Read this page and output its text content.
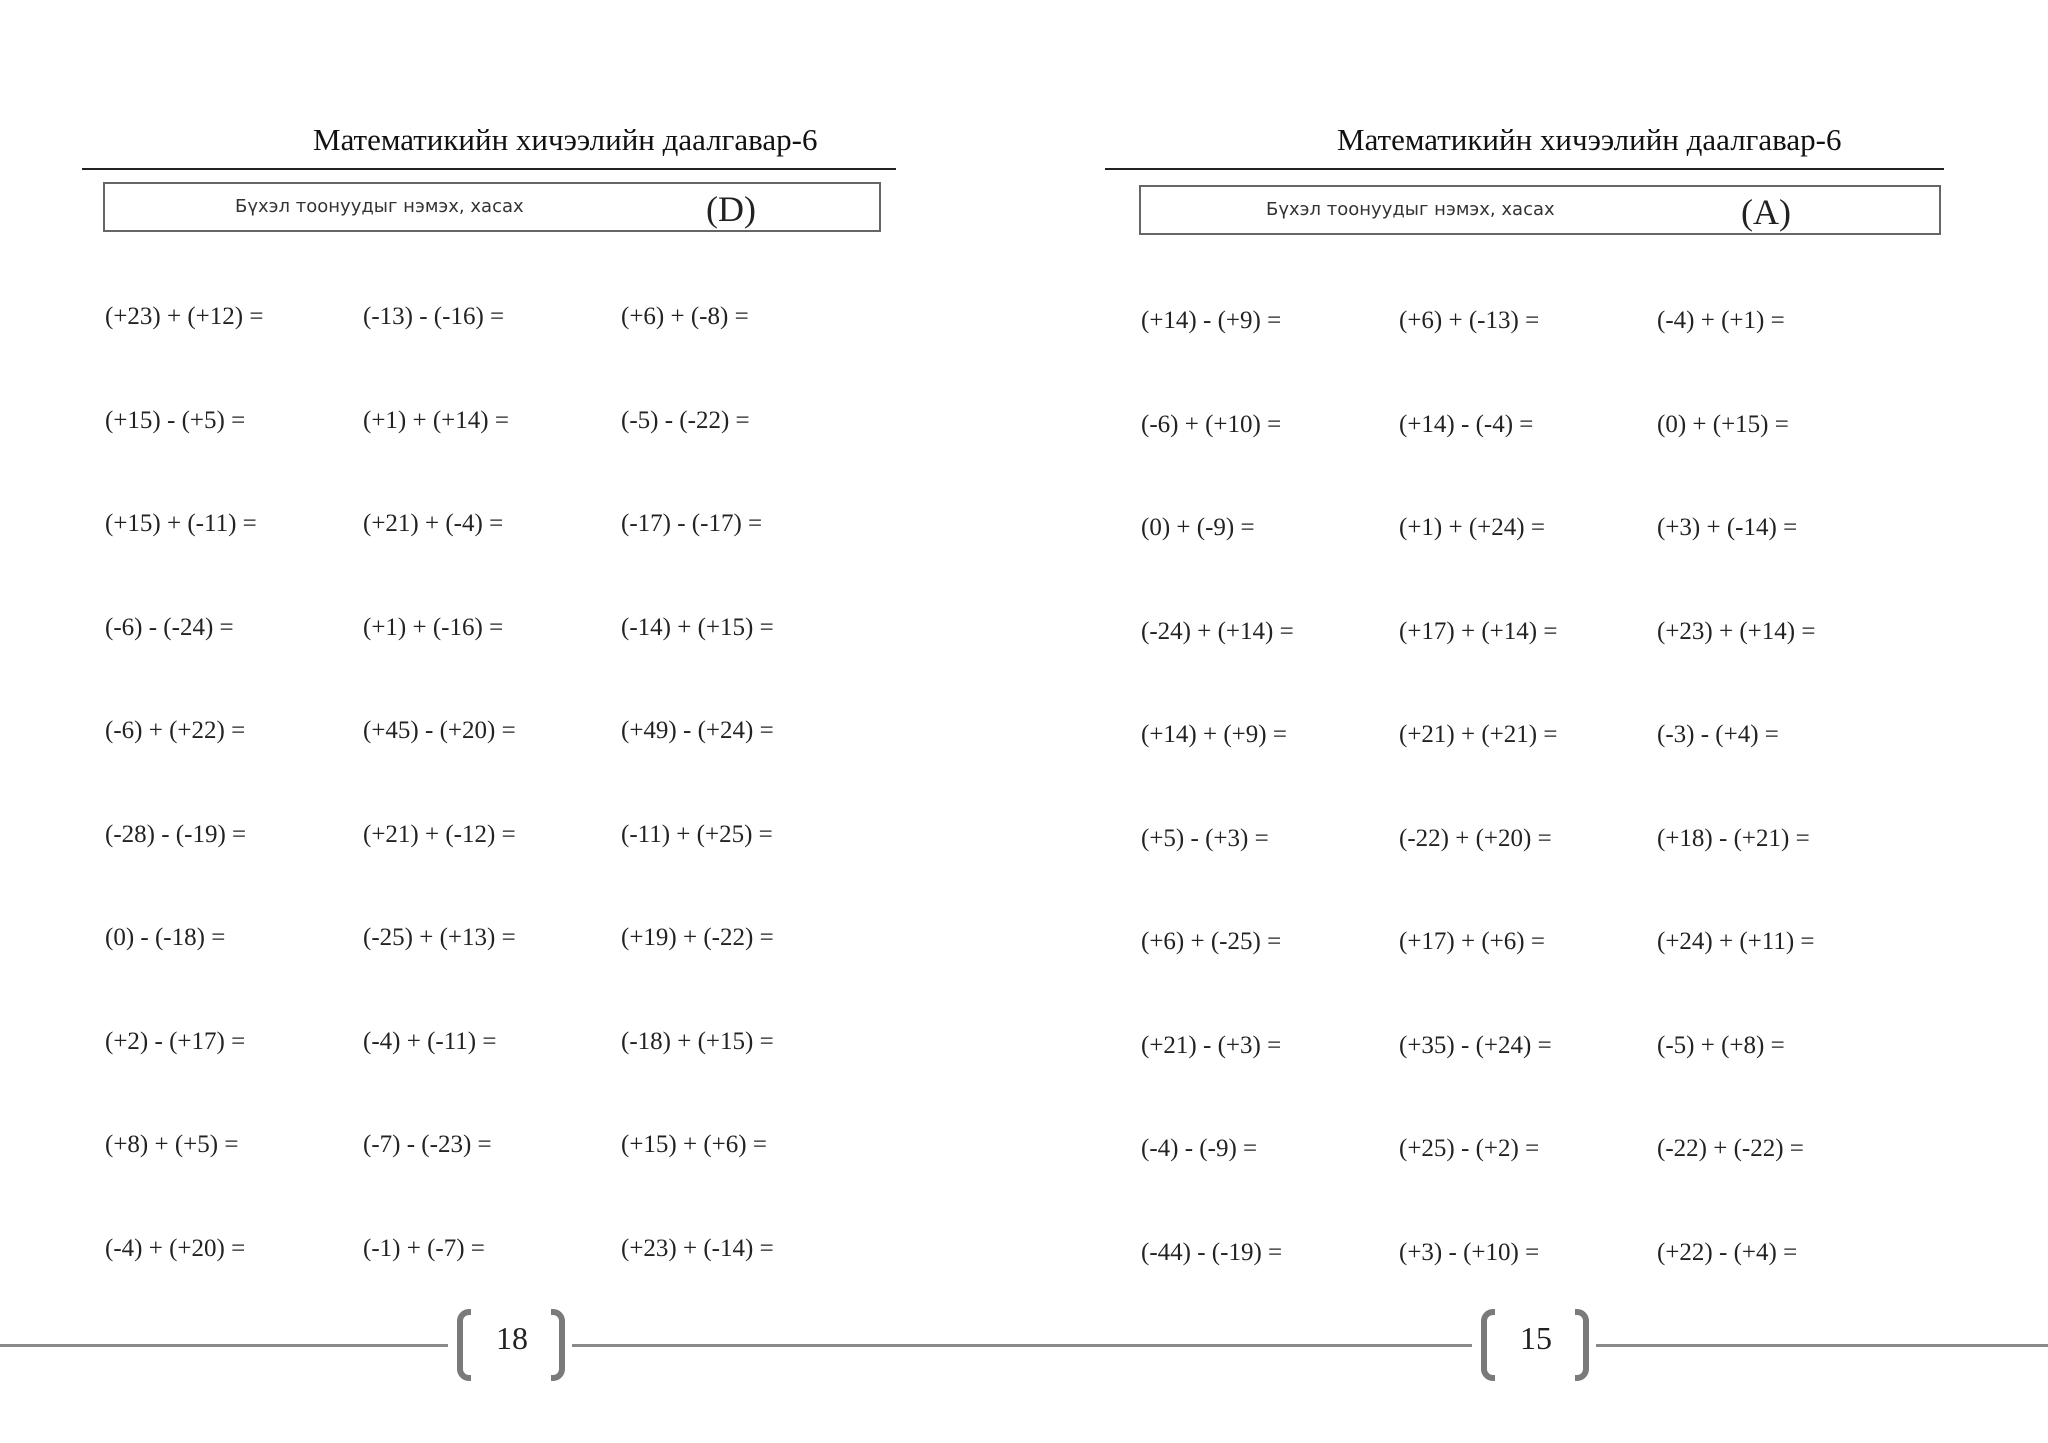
Математикийн хичээлийн даалгавар-6
Бүхэл тоонуудыг нэмэх, хасах	(D)
18
(+23) + (+12) =	(-13) - (-16) =	(+6) + (-8) =
(+15) - (+5) =	(+1) + (+14) =	(-5) - (-22) =
(+15) + (-11) =	(+21) + (-4) =	(-17) - (-17) =
(-6) - (-24) =	(+1) + (-16) =	(-14) + (+15) =
(-6) + (+22) =	(+45) - (+20) =	(+49) - (+24) =
(-28) - (-19) =	(+21) + (-12) =	(-11) + (+25) =
(0) - (-18) =	(-25) + (+13) =	(+19) + (-22) =
(+2) - (+17) =	(-4) + (-11) =	(-18) + (+15) =
(+8) + (+5) =	(-7) - (-23) =	(+15) + (+6) =
(-4) + (+20) =	(-1) + (-7) =	(+23) + (-14) =
Математикийн хичээлийн даалгавар-6
Бүхэл тоонуудыг нэмэх, хасах	(A)
15
(+14) - (+9) =	(+6) + (-13) =	(-4) + (+1) =
(-6) + (+10) =	(+14) - (-4) =	(0) + (+15) =
(0) + (-9) =	(+1) + (+24) =	(+3) + (-14) =
(-24) + (+14) =	(+17) + (+14) =	(+23) + (+14) =
(+14) + (+9) =	(+21) + (+21) =	(-3) - (+4) =
(+5) - (+3) =	(-22) + (+20) =	(+18) - (+21) =
(+6) + (-25) =	(+17) + (+6) =	(+24) + (+11) =
(+21) - (+3) =	(+35) - (+24) =	(-5) + (+8) =
(-4) - (-9) =	(+25) - (+2) =	(-22) + (-22) =
(-44) - (-19) =	(+3) - (+10) =	(+22) - (+4) =
